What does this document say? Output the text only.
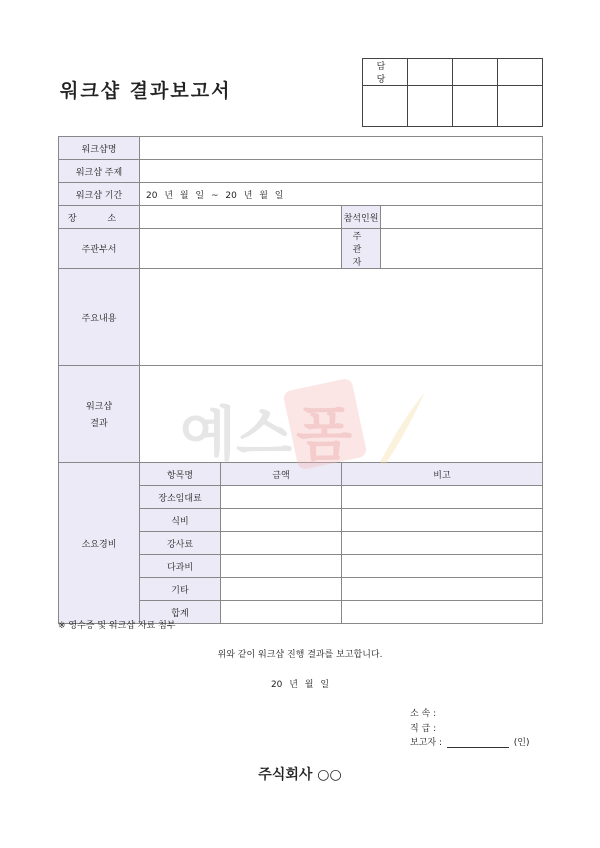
워크샵 결과보고서
담 당			

워크샵명				
워크샵 주제				
워크샵 기간	20 년 월 일 ~ 20 년 월 일			
장 소			참석인원	
주관부서			주 관 자	
주요내용				

워크샵
결과				

소요경비	항목명	금액	비고	
	장소임대료			
	식비			
	강사료			
	다과비			
	기타			
	합계			
예스 폼
※ 영수증 및 워크샵 자료 첨부
위와 같이 워크샵 진행 결과를 보고합니다.
20 년 월 일
소 속 :
직 급 :
보고자 :	(인)
주식회사 ○○
